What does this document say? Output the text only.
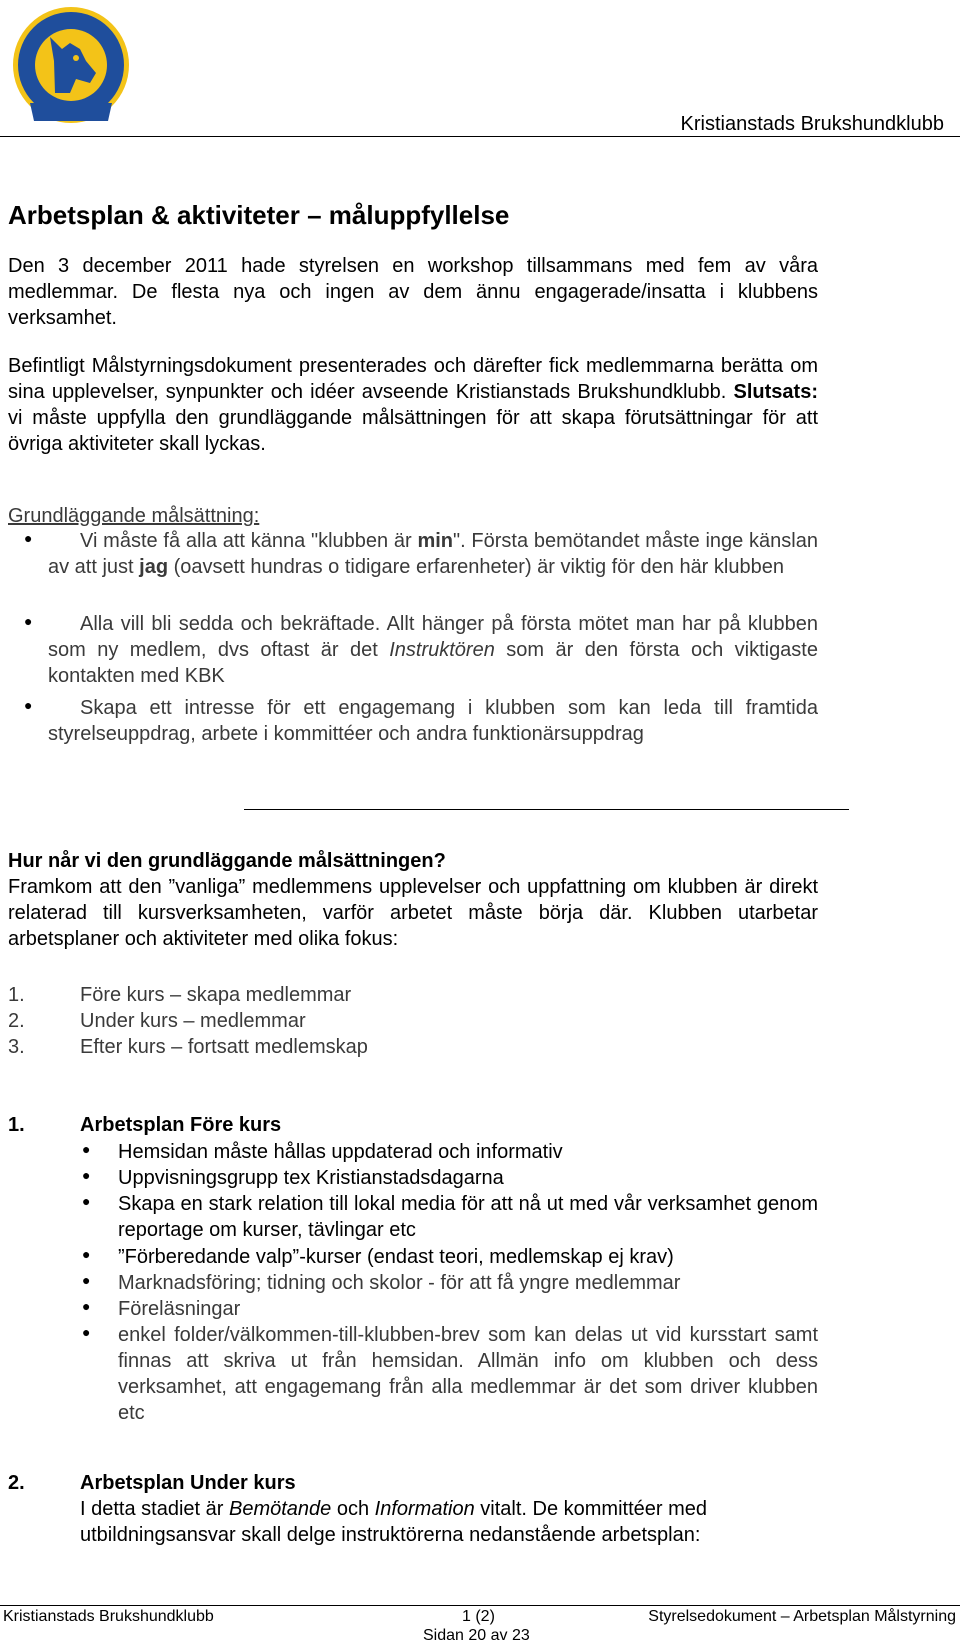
Kristianstads Brukshundklubb
Arbetsplan & aktiviteter – måluppfyllelse
Den 3 december 2011 hade styrelsen en workshop tillsammans med fem av våra medlemmar. De flesta nya och ingen av dem ännu engagerade/insatta i klubbens verksamhet.
Befintligt Målstyrningsdokument presenterades och därefter fick medlemmarna berätta om sina upplevelser, synpunkter och idéer avseende Kristianstads Brukshundklubb. Slutsats: vi måste uppfylla den grundläggande målsättningen för att skapa förutsättningar för att övriga aktiviteter skall lyckas.
Grundläggande målsättning:
●	Vi måste få alla att känna "klubben är min". Första bemötandet måste inge känslan av att just jag (oavsett hundras o tidigare erfarenheter) är viktig för den här klubben
●	Alla vill bli sedda och bekräftade. Allt hänger på första mötet man har på klubben som ny medlem, dvs oftast är det Instruktören som är den första och viktigaste kontakten med KBK
●	Skapa ett intresse för ett engagemang i klubben som kan leda till framtida styrelseuppdrag, arbete i kommittéer och andra funktionärsuppdrag
Hur når vi den grundläggande målsättningen?
Framkom att den ”vanliga” medlemmens upplevelser och uppfattning om klubben är direkt relaterad till kursverksamheten, varför arbetet måste börja där. Klubben utarbetar arbetsplaner och aktiviteter med olika fokus:
1.	Före kurs – skapa medlemmar
2.	Under kurs – medlemmar
3.	Efter kurs – fortsatt medlemskap
1.	Arbetsplan Före kurs
● Hemsidan måste hållas uppdaterad och informativ
● Uppvisningsgrupp tex Kristianstadsdagarna
● Skapa en stark relation till lokal media för att nå ut med vår verksamhet genom reportage om kurser, tävlingar etc
● ”Förberedande valp”-kurser (endast teori, medlemskap ej krav)
● Marknadsföring; tidning och skolor - för att få yngre medlemmar
● Föreläsningar
● enkel folder/välkommen-till-klubben-brev som kan delas ut vid kursstart samt finnas att skriva ut från hemsidan. Allmän info om klubben och dess verksamhet, att engagemang från alla medlemmar är det som driver klubben etc
2.	Arbetsplan Under kurs
I detta stadiet är Bemötande och Information vitalt. De kommittéer med utbildningsansvar skall delge instruktörerna nedanstående arbetsplan:
Kristianstads Brukshundklubb	1 (2)	Styrelsedokument – Arbetsplan Målstyrning
Sidan 20 av 23
